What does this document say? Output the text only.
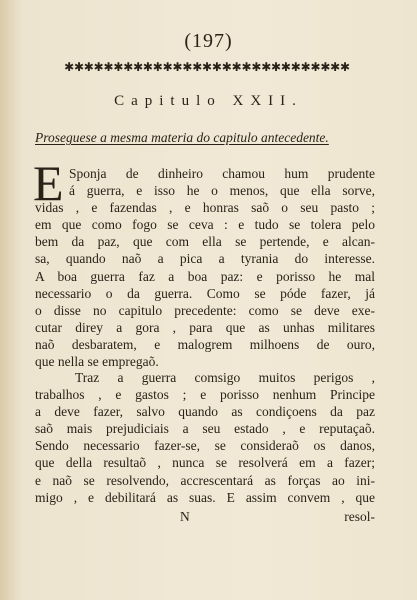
(197)
✱✱✱✱✱✱✱✱✱✱✱✱✱✱✱✱✱✱✱✱✱✱✱✱✱✱✱✱✱
Capitulo XXII.
Proseguese a mesma materia do capitulo antecedente.
E Sponja de dinheiro chamou hum prudente
á guerra, e isso he o menos, que ella sorve,
vidas , e fazendas , e honras saõ o seu pasto ;
em que como fogo se ceva : e tudo se tolera pelo
bem da paz, que com ella se pertende, e alcan-
sa, quando naõ a pica a tyrania do interesse.
A boa guerra faz a boa paz: e porisso he mal
necessario o da guerra. Como se póde fazer, já
o disse no capitulo precedente: como se deve exe-
cutar direy a gora , para que as unhas militares
naõ desbaratem, e malogrem milhoens de ouro,
que nella se empregaõ.
Traz a guerra comsigo muitos perigos ,
trabalhos , e gastos ; e porisso nenhum Principe
a deve fazer, salvo quando as condiçoens da paz
saõ mais prejudiciais a seu estado , e reputaçaõ.
Sendo necessario fazer-se, se consideraõ os danos,
que della resultaõ , nunca se resolverá em a fazer;
e naõ se resolvendo, accrescentará as forças ao ini-
migo , e debilitará as suas. E assim convem , que
N	resol-
